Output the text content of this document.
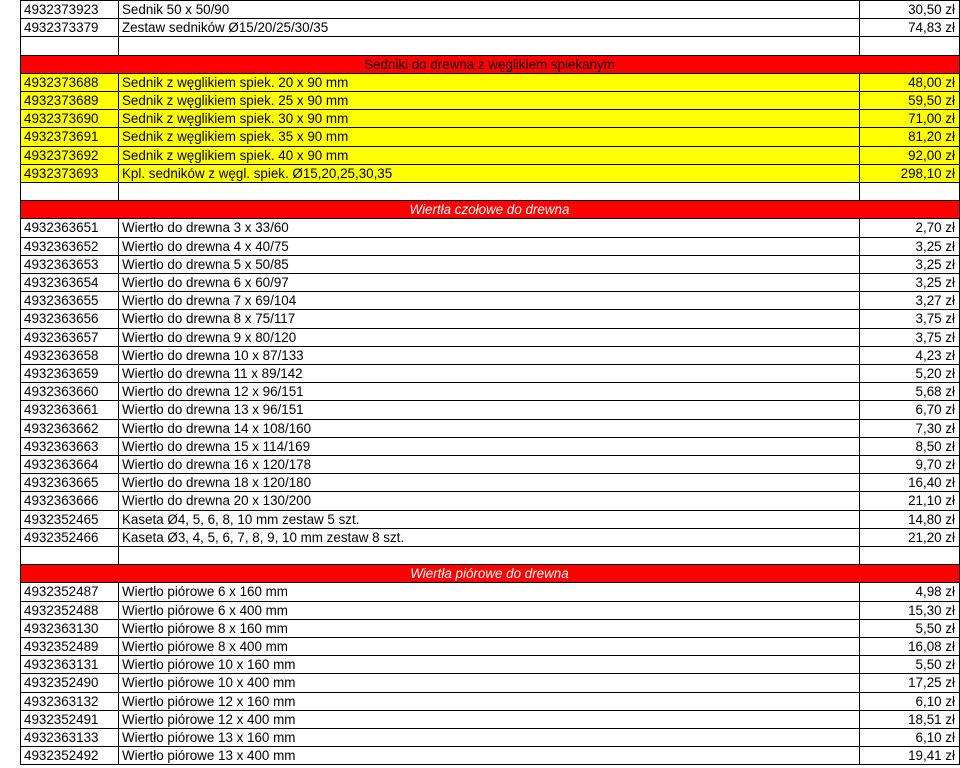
4932373923	Sednik 50 x 50/90	30,50 zł
4932373379	Zestaw sedników Ø15/20/25/30/35	74,83 zł

Sedniki do drewna z węglikiem spiekanym		
4932373688	Sednik z węglikiem spiek. 20 x 90 mm	48,00 zł
4932373689	Sednik z węglikiem spiek. 25 x 90 mm	59,50 zł
4932373690	Sednik z węglikiem spiek. 30 x 90 mm	71,00 zł
4932373691	Sednik z węglikiem spiek. 35 x 90 mm	81,20 zł
4932373692	Sednik z węglikiem spiek. 40 x 90 mm	92,00 zł
4932373693	Kpl. sedników z węgl. spiek. Ø15,20,25,30,35	298,10 zł

Wiertła czołowe do drewna		
4932363651	Wiertło do drewna 3 x 33/60	2,70 zł
4932363652	Wiertło do drewna 4 x 40/75	3,25 zł
4932363653	Wiertło do drewna 5 x 50/85	3,25 zł
4932363654	Wiertło do drewna 6 x 60/97	3,25 zł
4932363655	Wiertło do drewna 7 x 69/104	3,27 zł
4932363656	Wiertło do drewna 8 x 75/117	3,75 zł
4932363657	Wiertło do drewna 9 x 80/120	3,75 zł
4932363658	Wiertło do drewna 10 x 87/133	4,23 zł
4932363659	Wiertło do drewna 11 x 89/142	5,20 zł
4932363660	Wiertło do drewna 12 x 96/151	5,68 zł
4932363661	Wiertło do drewna 13 x 96/151	6,70 zł
4932363662	Wiertło do drewna 14 x 108/160	7,30 zł
4932363663	Wiertło do drewna 15 x 114/169	8,50 zł
4932363664	Wiertło do drewna 16 x 120/178	9,70 zł
4932363665	Wiertło do drewna 18 x 120/180	16,40 zł
4932363666	Wiertło do drewna 20 x 130/200	21,10 zł
4932352465	Kaseta Ø4, 5, 6, 8, 10 mm zestaw 5 szt.	14,80 zł
4932352466	Kaseta Ø3, 4, 5, 6, 7, 8, 9, 10 mm zestaw 8 szt.	21,20 zł

Wiertła piórowe do drewna		
4932352487	Wiertło piórowe 6 x 160 mm	4,98 zł
4932352488	Wiertło piórowe 6 x 400 mm	15,30 zł
4932363130	Wiertło piórowe 8 x 160 mm	5,50 zł
4932352489	Wiertło piórowe 8 x 400 mm	16,08 zł
4932363131	Wiertło piórowe 10 x 160 mm	5,50 zł
4932352490	Wiertło piórowe 10 x 400 mm	17,25 zł
4932363132	Wiertło piórowe 12 x 160 mm	6,10 zł
4932352491	Wiertło piórowe 12 x 400 mm	18,51 zł
4932363133	Wiertło piórowe 13 x 160 mm	6,10 zł
4932352492	Wiertło piórowe 13 x 400 mm	19,41 zł
